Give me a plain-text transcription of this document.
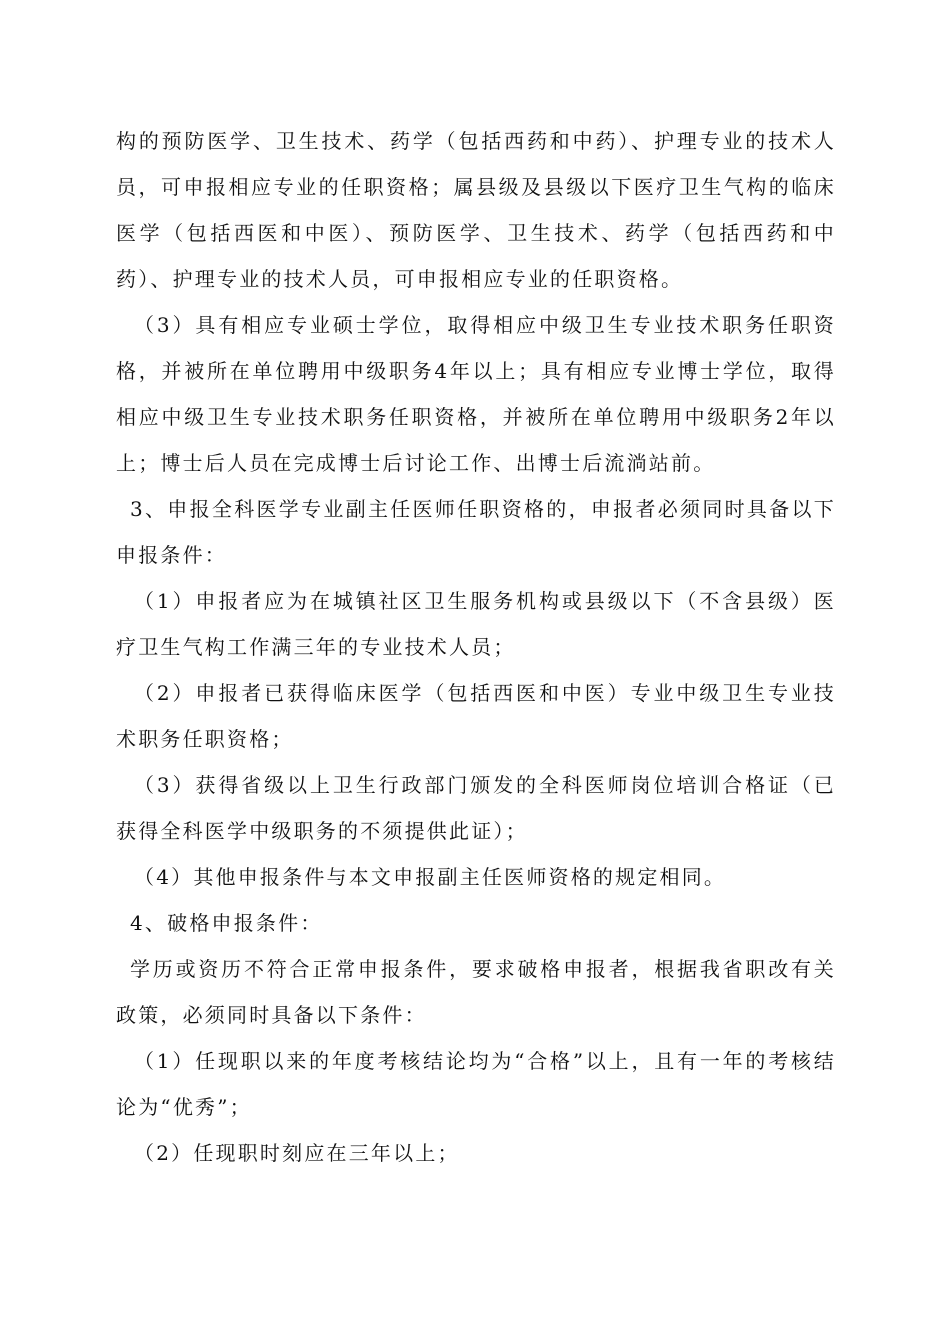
构的预防医学、卫生技术、药学（包括西药和中药）、护理专业的技术人员，可申报相应专业的任职资格；属县级及县级以下医疗卫生气构的临床医学（包括西医和中医）、预防医学、卫生技术、药学（包括西药和中药）、护理专业的技术人员，可申报相应专业的任职资格。

（3）具有相应专业硕士学位，取得相应中级卫生专业技术职务任职资格，并被所在单位聘用中级职务4年以上；具有相应专业博士学位，取得相应中级卫生专业技术职务任职资格，并被所在单位聘用中级职务2年以上；博士后人员在完成博士后讨论工作、出博士后流淌站前。

3、申报全科医学专业副主任医师任职资格的，申报者必须同时具备以下申报条件：

（1）申报者应为在城镇社区卫生服务机构或县级以下（不含县级）医疗卫生气构工作满三年的专业技术人员；

（2）申报者已获得临床医学（包括西医和中医）专业中级卫生专业技术职务任职资格；

（3）获得省级以上卫生行政部门颁发的全科医师岗位培训合格证（已获得全科医学中级职务的不须提供此证）；

（4）其他申报条件与本文申报副主任医师资格的规定相同。

4、破格申报条件：

学历或资历不符合正常申报条件，要求破格申报者，根据我省职改有关政策，必须同时具备以下条件：

（1）任现职以来的年度考核结论均为“合格”以上，且有一年的考核结论为“优秀”；

（2）任现职时刻应在三年以上；
